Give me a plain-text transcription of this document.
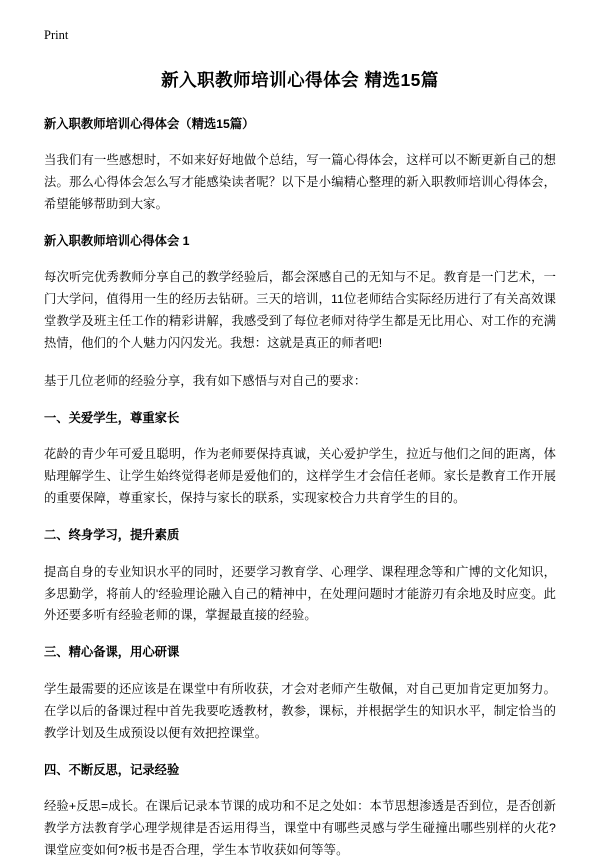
Print
新入职教师培训心得体会 精选15篇
新入职教师培训心得体会（精选15篇）

当我们有一些感想时，不如来好好地做个总结，写一篇心得体会，这样可以不断更新自己的想法。那么心得体会怎么写才能感染读者呢？以下是小编精心整理的新入职教师培训心得体会，希望能够帮助到大家。

新入职教师培训心得体会 1

每次听完优秀教师分享自己的教学经验后，都会深感自己的无知与不足。教育是一门艺术，一门大学问，值得用一生的经历去钻研。三天的培训，11位老师结合实际经历进行了有关高效课堂教学及班主任工作的精彩讲解，我感受到了每位老师对待学生都是无比用心、对工作的充满热情，他们的个人魅力闪闪发光。我想：这就是真正的师者吧!

基于几位老师的经验分享，我有如下感悟与对自己的要求：

一、关爱学生，尊重家长

花龄的青少年可爱且聪明，作为老师要保持真诚，关心爱护学生，拉近与他们之间的距离，体贴理解学生、让学生始终觉得老师是爱他们的，这样学生才会信任老师。家长是教育工作开展的重要保障，尊重家长，保持与家长的联系，实现家校合力共育学生的目的。

二、终身学习，提升素质

提高自身的专业知识水平的同时，还要学习教育学、心理学、课程理念等和广博的文化知识，多思勤学，将前人的'经验理论融入自己的精神中，在处理问题时才能游刃有余地及时应变。此外还要多听有经验老师的课，掌握最直接的经验。

三、精心备课，用心研课

学生最需要的还应该是在课堂中有所收获，才会对老师产生敬佩，对自己更加肯定更加努力。在学以后的备课过程中首先我要吃透教材，教参，课标，并根据学生的知识水平，制定恰当的教学计划及生成预设以便有效把控课堂。

四、不断反思，记录经验

经验+反思=成长。在课后记录本节课的成功和不足之处如：本节思想渗透是否到位，是否创新教学方法教育学心理学规律是否运用得当，课堂中有哪些灵感与学生碰撞出哪些别样的火花?课堂应变如何?板书是否合理，学生本节收获如何等等。
